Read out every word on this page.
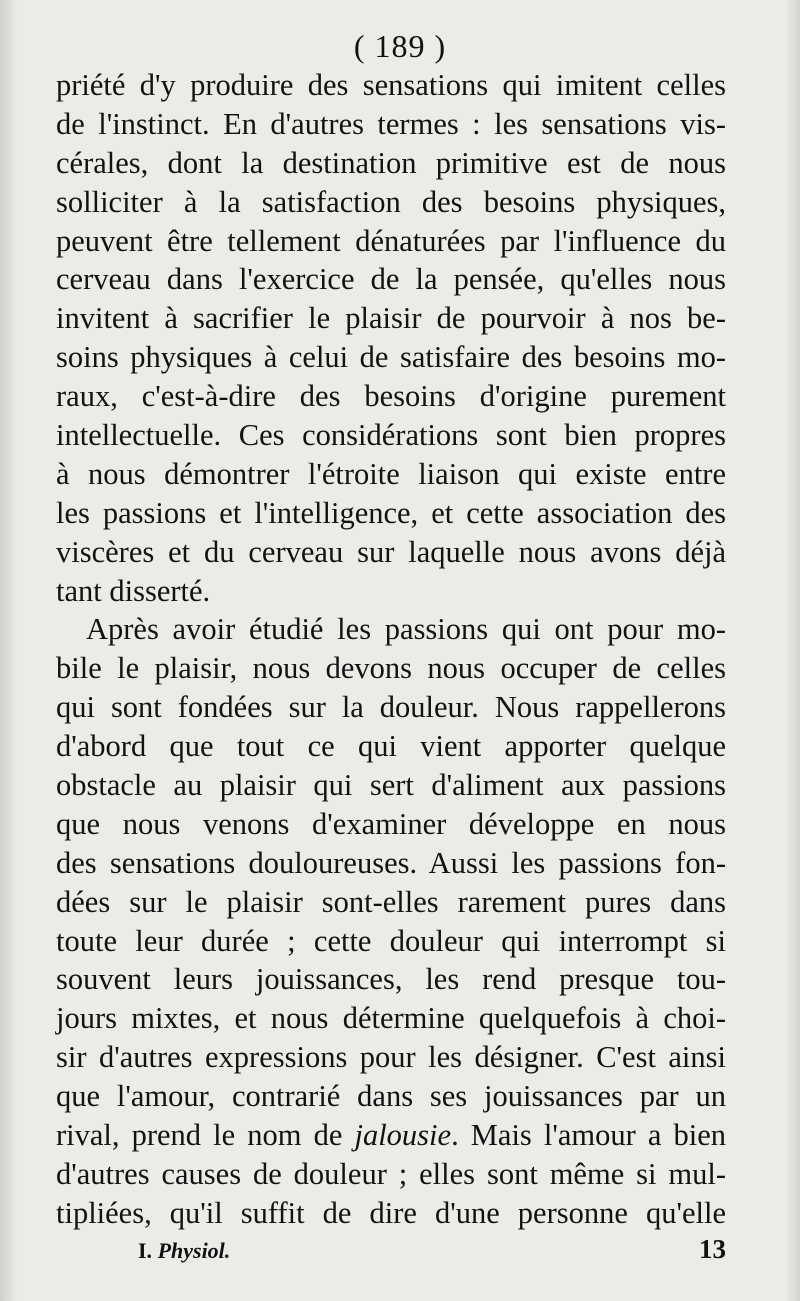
( 189 )
priété d'y produire des sensations qui imitent celles
de l'instinct. En d'autres termes : les sensations vis-
cérales, dont la destination primitive est de nous
solliciter à la satisfaction des besoins physiques,
peuvent être tellement dénaturées par l'influence du
cerveau dans l'exercice de la pensée, qu'elles nous
invitent à sacrifier le plaisir de pourvoir à nos be-
soins physiques à celui de satisfaire des besoins mo-
raux, c'est-à-dire des besoins d'origine purement
intellectuelle. Ces considérations sont bien propres
à nous démontrer l'étroite liaison qui existe entre
les passions et l'intelligence, et cette association des
viscères et du cerveau sur laquelle nous avons déjà
tant disserté.
Après avoir étudié les passions qui ont pour mo-
bile le plaisir, nous devons nous occuper de celles
qui sont fondées sur la douleur. Nous rappellerons
d'abord que tout ce qui vient apporter quelque
obstacle au plaisir qui sert d'aliment aux passions
que nous venons d'examiner développe en nous
des sensations douloureuses. Aussi les passions fon-
dées sur le plaisir sont-elles rarement pures dans
toute leur durée ; cette douleur qui interrompt si
souvent leurs jouissances, les rend presque tou-
jours mixtes, et nous détermine quelquefois à choi-
sir d'autres expressions pour les désigner. C'est ainsi
que l'amour, contrarié dans ses jouissances par un
rival, prend le nom de jalousie. Mais l'amour a bien
d'autres causes de douleur ; elles sont même si mul-
tipliées, qu'il suffit de dire d'une personne qu'elle
I. Physiol.	13
